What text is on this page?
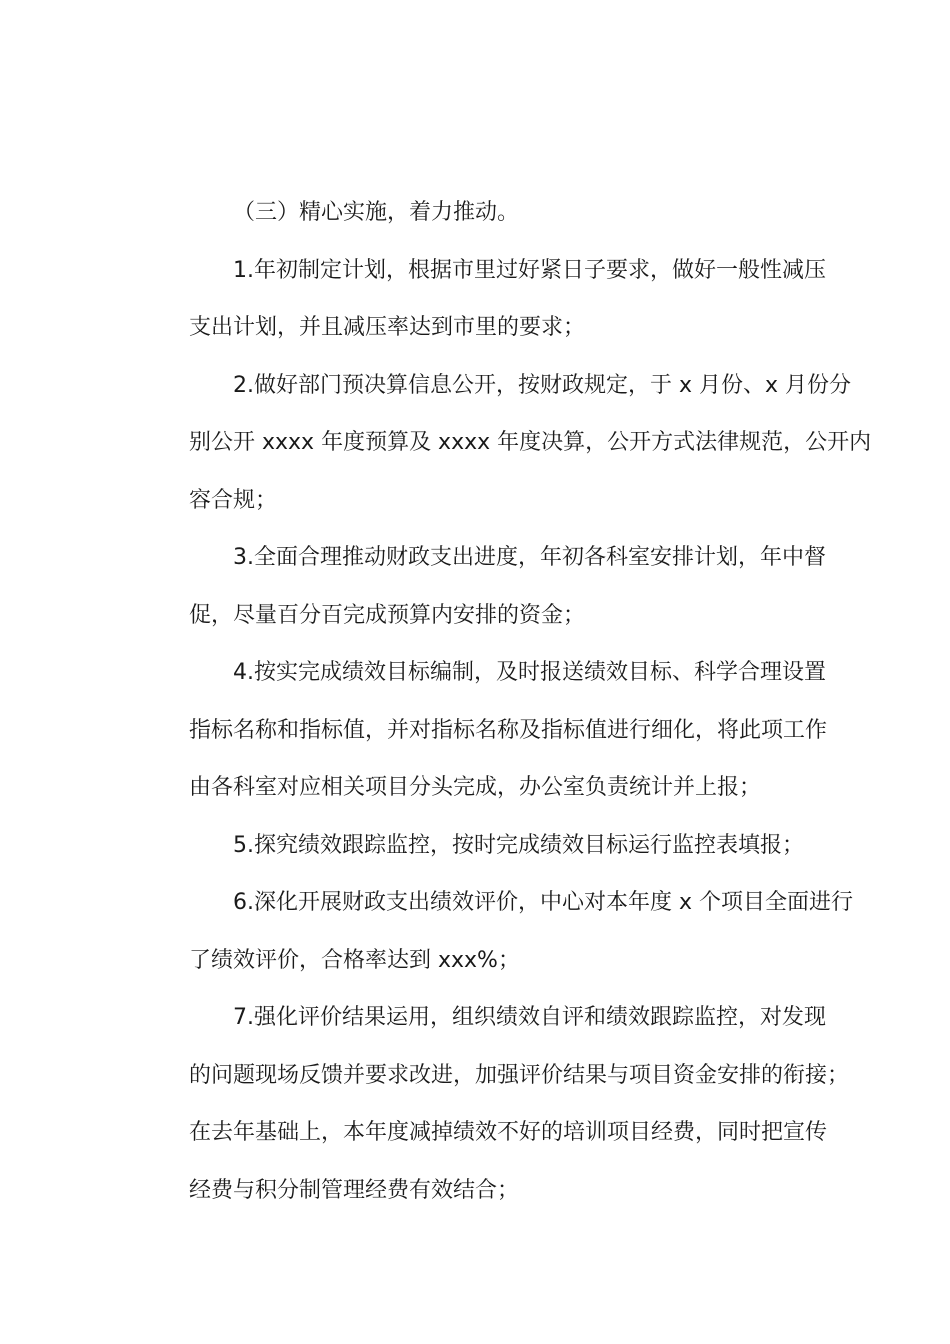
（三）精心实施，着力推动。
1.年初制定计划，根据市里过好紧日子要求，做好一般性减压
支出计划，并且减压率达到市里的要求；
2.做好部门预决算信息公开，按财政规定，于 x 月份、x 月份分
别公开 xxxx 年度预算及 xxxx 年度决算，公开方式法律规范，公开内
容合规；
3.全面合理推动财政支出进度，年初各科室安排计划，年中督
促，尽量百分百完成预算内安排的资金；
4.按实完成绩效目标编制，及时报送绩效目标、科学合理设置
指标名称和指标值，并对指标名称及指标值进行细化，将此项工作
由各科室对应相关项目分头完成，办公室负责统计并上报；
5.探究绩效跟踪监控，按时完成绩效目标运行监控表填报；
6.深化开展财政支出绩效评价，中心对本年度 x 个项目全面进行
了绩效评价，合格率达到 xxx%；
7.强化评价结果运用，组织绩效自评和绩效跟踪监控，对发现
的问题现场反馈并要求改进，加强评价结果与项目资金安排的衔接；
在去年基础上，本年度减掉绩效不好的培训项目经费，同时把宣传
经费与积分制管理经费有效结合；
